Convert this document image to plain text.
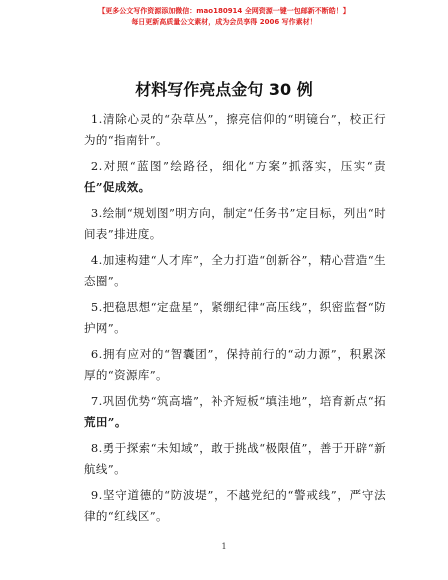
【更多公文写作资源添加微信：mao180914 全网资源一键一包邮新不断皓！】
每日更新高质量公文素材，成为会员享得 2006 写作素材！
材料写作亮点金句 30 例

1.清除心灵的“杂草丛”，擦亮信仰的“明镜台”，校正行为的“指南针”。

2.对照“蓝图”绘路径，细化“方案”抓落实，压实“责任”促成效。

3.绘制“规划图”明方向，制定“任务书”定目标，列出“时间表”排进度。

4.加速构建“人才库”，全力打造“创新谷”，精心营造“生态圈”。

5.把稳思想“定盘星”，紧绷纪律“高压线”，织密监督“防护网”。

6.拥有应对的“智囊团”，保持前行的“动力源”，积累深厚的“资源库”。

7.巩固优势“筑高墙”，补齐短板“填洼地”，培育新点“拓荒田”。

8.勇于探索“未知域”，敢于挑战“极限值”，善于开辟“新航线”。

9.坚守道德的“防波堤”，不越党纪的“警戒线”，严守法律的“红线区”。

1
